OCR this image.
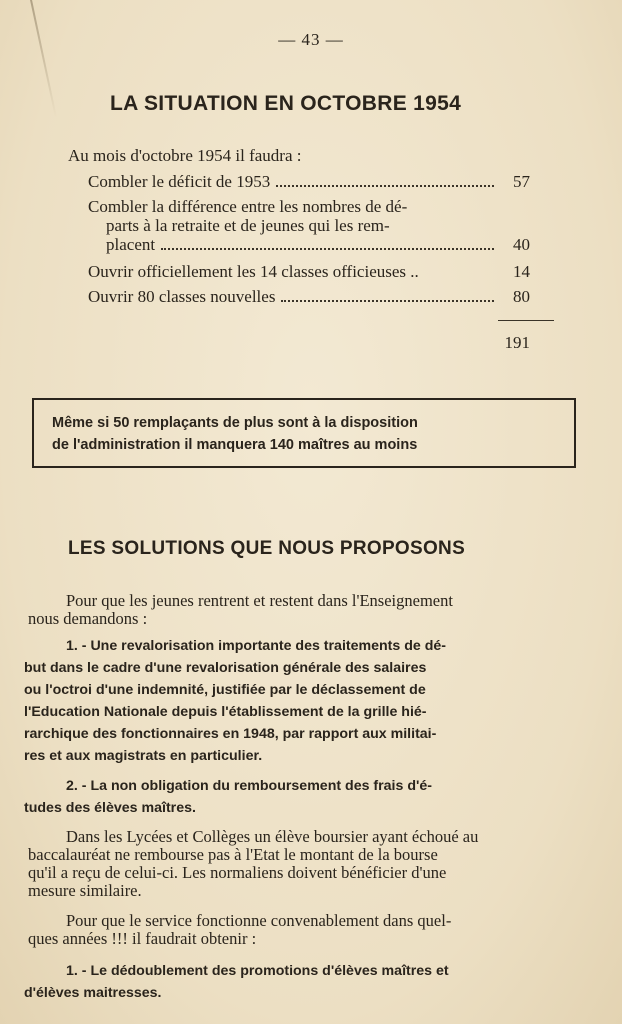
— 43 —
LA SITUATION EN OCTOBRE 1954
Au mois d'octobre 1954 il faudra :
Combler le déficit de 1953	57
Combler la différence entre les nombres de dé-
parts à la retraite et de jeunes qui les rem-
placent	40
Ouvrir officiellement les 14 classes officieuses ..	14
Ouvrir 80 classes nouvelles	80
191
Même si 50 remplaçants de plus sont à la disposition
de l'administration il manquera 140 maîtres au moins
LES SOLUTIONS QUE NOUS PROPOSONS
Pour que les jeunes rentrent et restent dans l'Enseignement
nous demandons :
1. - Une revalorisation importante des traitements de dé-
but dans le cadre d'une revalorisation générale des salaires
ou l'octroi d'une indemnité, justifiée par le déclassement de
l'Education Nationale depuis l'établissement de la grille hié-
rarchique des fonctionnaires en 1948, par rapport aux militai-
res et aux magistrats en particulier.
2. - La non obligation du remboursement des frais d'é-
tudes des élèves maîtres.
Dans les Lycées et Collèges un élève boursier ayant échoué au
baccalauréat ne rembourse pas à l'Etat le montant de la bourse
qu'il a reçu de celui-ci. Les normaliens doivent bénéficier d'une
mesure similaire.
Pour que le service fonctionne convenablement dans quel-
ques années !!! il faudrait obtenir :
1. - Le dédoublement des promotions d'élèves maîtres et
d'élèves maitresses.
